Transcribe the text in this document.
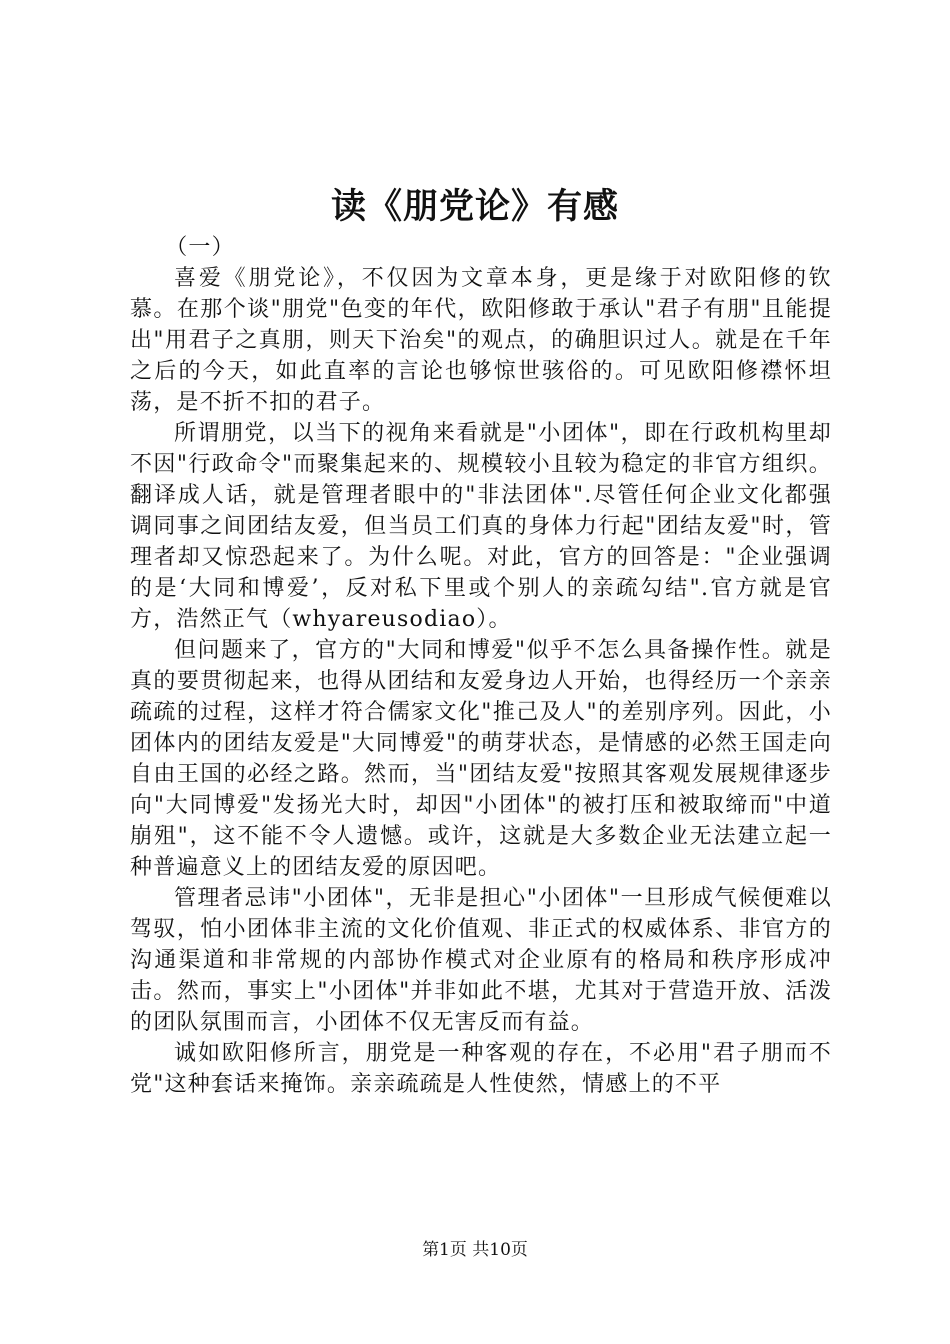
读《朋党论》有感

（一）

喜爱《朋党论》，不仅因为文章本身，更是缘于对欧阳修的钦慕。在那个谈"朋党"色变的年代，欧阳修敢于承认"君子有朋"且能提出"用君子之真朋，则天下治矣"的观点，的确胆识过人。就是在千年之后的今天，如此直率的言论也够惊世骇俗的。可见欧阳修襟怀坦荡，是不折不扣的君子。

所谓朋党，以当下的视角来看就是"小团体"，即在行政机构里却不因"行政命令"而聚集起来的、规模较小且较为稳定的非官方组织。翻译成人话，就是管理者眼中的"非法团体".尽管任何企业文化都强调同事之间团结友爱，但当员工们真的身体力行起"团结友爱"时，管理者却又惊恐起来了。为什么呢。对此，官方的回答是："企业强调的是‘大同和博爱’，反对私下里或个别人的亲疏勾结".官方就是官方，浩然正气（whyareusodiao）。

但问题来了，官方的"大同和博爱"似乎不怎么具备操作性。就是真的要贯彻起来，也得从团结和友爱身边人开始，也得经历一个亲亲疏疏的过程，这样才符合儒家文化"推己及人"的差别序列。因此，小团体内的团结友爱是"大同博爱"的萌芽状态，是情感的必然王国走向自由王国的必经之路。然而，当"团结友爱"按照其客观发展规律逐步向"大同博爱"发扬光大时，却因"小团体"的被打压和被取缔而"中道崩殂"，这不能不令人遗憾。或许，这就是大多数企业无法建立起一种普遍意义上的团结友爱的原因吧。

管理者忌讳"小团体"，无非是担心"小团体"一旦形成气候便难以驾驭，怕小团体非主流的文化价值观、非正式的权威体系、非官方的沟通渠道和非常规的内部协作模式对企业原有的格局和秩序形成冲击。然而，事实上"小团体"并非如此不堪，尤其对于营造开放、活泼的团队氛围而言，小团体不仅无害反而有益。

诚如欧阳修所言，朋党是一种客观的存在，不必用"君子朋而不党"这种套话来掩饰。亲亲疏疏是人性使然，情感上的不平

第1页 共10页
